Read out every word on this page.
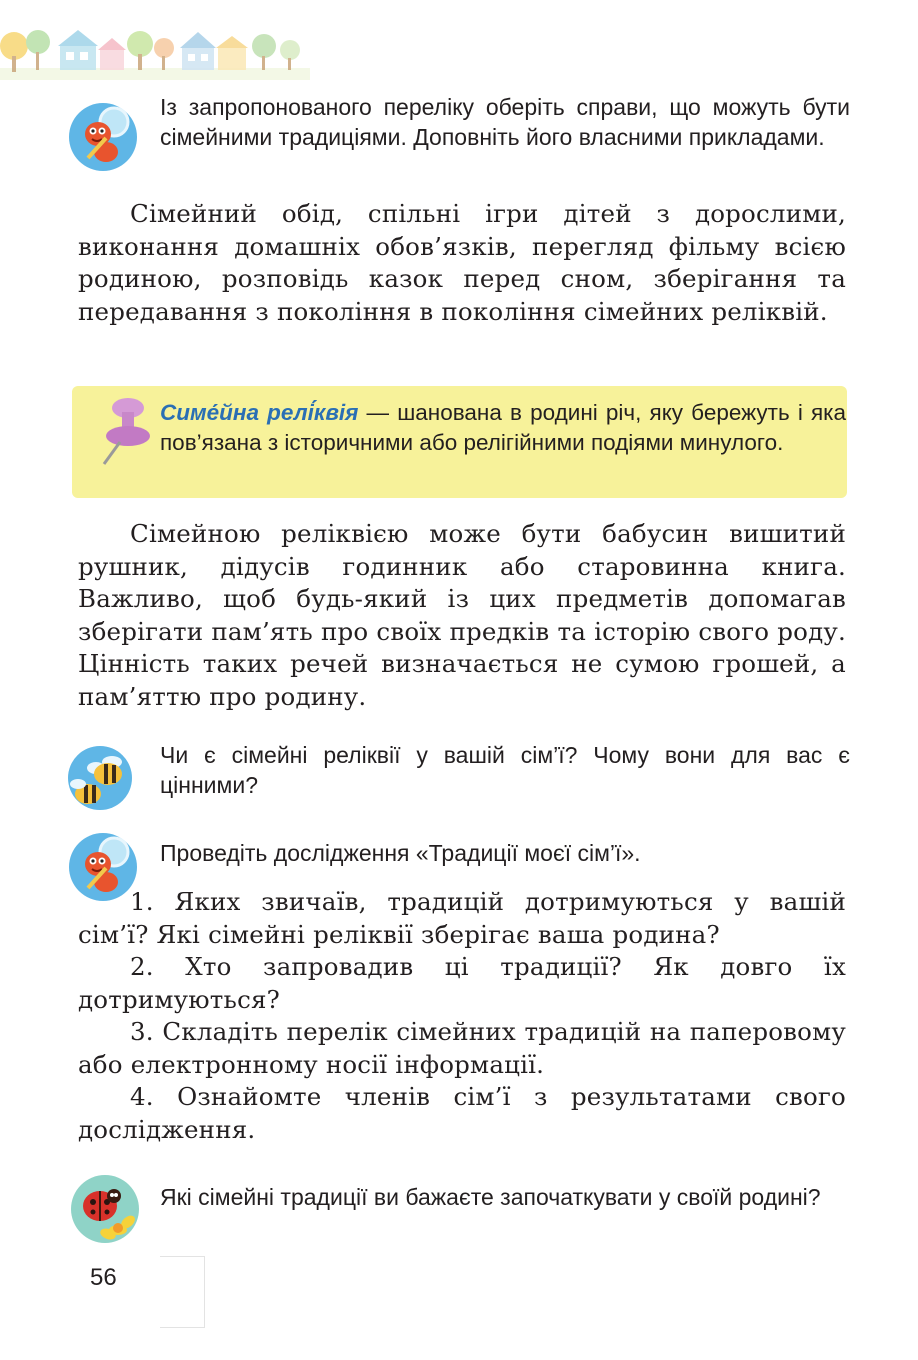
Із запропонованого переліку оберіть справи, що можуть бути сімейними традиціями. Доповніть його власними прикладами.

Сімейний обід, спільні ігри дітей з дорослими, виконання домашніх обов’язків, перегляд фільму всією родиною, розповідь казок перед сном, зберігання та передавання з покоління в покоління сімейних реліквій.

Симе́йна релі́квія — шанована в родині річ, яку бережуть і яка пов’язана з історичними або релігійними подіями минулого.

Сімейною реліквією може бути бабусин вишитий рушник, дідусів годинник або старовинна книга. Важливо, щоб будь-який із цих предметів допомагав зберігати пам’ять про своїх предків та історію свого роду. Цінність таких речей визначається не сумою грошей, а пам’яттю про родину.

Чи є сімейні реліквії у вашій сім’ї? Чому вони для вас є цінними?
Проведіть дослідження «Традиції моєї сім’ї».

1. Яких звичаїв, традицій дотримуються у вашій сім’ї? Які сімейні реліквії зберігає ваша родина?

2. Хто запровадив ці традиції? Як довго їх дотримуються?

3. Складіть перелік сімейних традицій на паперовому або електронному носії інформації.

4. Ознайомте членів сім’ї з результатами свого дослідження.

Які сімейні традиції ви бажаєте започаткувати у своїй родині?
56
